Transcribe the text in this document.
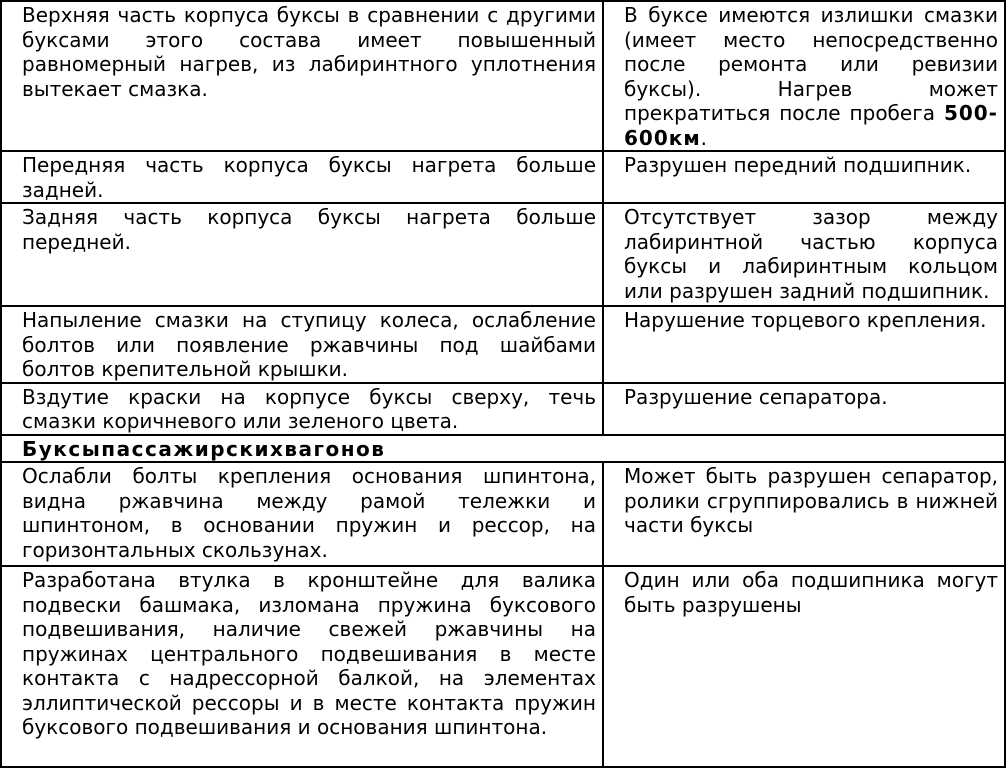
Верхняя часть корпуса буксы в сравнении с другими буксами этого состава имеет повышенный равномерный нагрев, из лабиринтного уплотнения вытекает смазка.	В буксе имеются излишки смазки (имеет место непосредственно после ремонта или ревизии буксы). Нагрев может прекратиться после пробега 500-600км.

Передняя часть корпуса буксы нагрета больше задней.	Разрушен передний подшипник.

Задняя часть корпуса буксы нагрета больше передней.	Отсутствует зазор между лабиринтной частью корпуса буксы и лабиринтным кольцом или разрушен задний подшипник.

Напыление смазки на ступицу колеса, ослабление болтов или появление ржавчины под шайбами болтов крепительной крышки.	Нарушение торцевого крепления.

Вздутие краски на корпусе буксы сверху, течь смазки коричневого или зеленого цвета.	Разрушение сепаратора.

Буксыпассажирскихвагонов	

Ослабли болты крепления основания шпинтона, видна ржавчина между рамой тележки и шпинтоном, в основании пружин и рессор, на горизонтальных скользунах.	Может быть разрушен сепаратор, ролики сгруппировались в нижней части буксы

Разработана втулка в кронштейне для валика подвески башмака, изломана пружина буксового подвешивания, наличие свежей ржавчины на пружинах центрального подвешивания в месте контакта с надрессорной балкой, на элементах эллиптической рессоры и в месте контакта пружин буксового подвешивания и основания шпинтона.	Один или оба подшипника могут быть разрушены
